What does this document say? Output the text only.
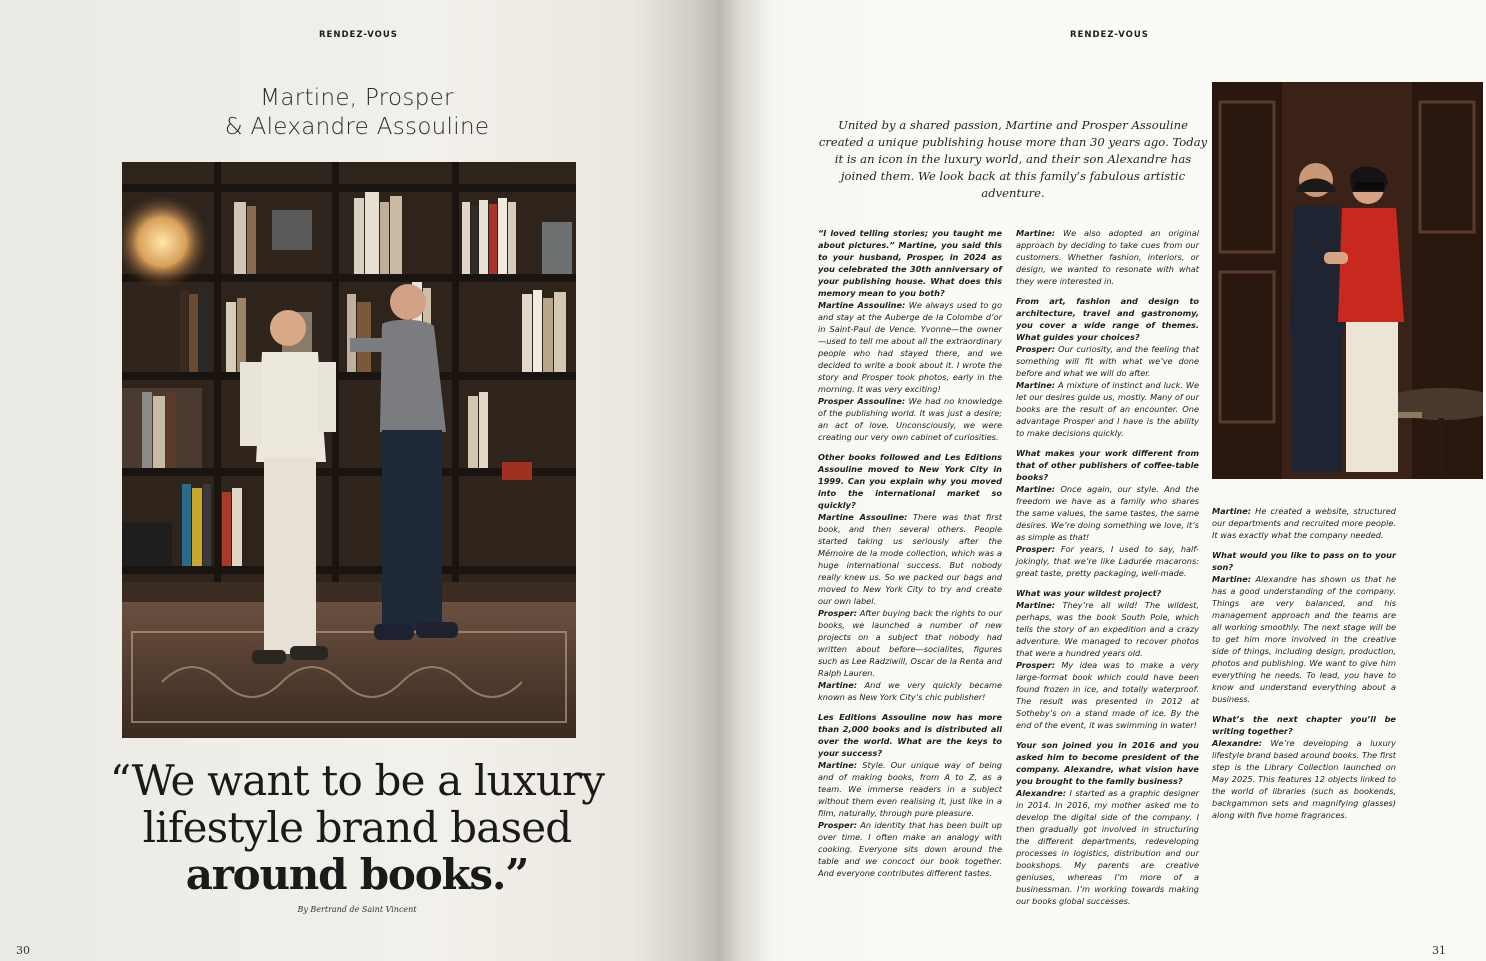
RENDEZ-VOUS
Martine, Prosper
& Alexandre Assouline
“We want to be a luxury
lifestyle brand based
around books.”
By Bertrand de Saint Vincent
30
RENDEZ-VOUS
United by a shared passion, Martine and Prosper Assouline created a unique publishing house more than 30 years ago. Today it is an icon in the luxury world, and their son Alexandre has joined them. We look back at this family’s fabulous artistic adventure.

“I loved telling stories; you taught me about pictures.” Martine, you said this to your husband, Prosper, in 2024 as you celebrated the 30th anniversary of your publishing house. What does this memory mean to you both?

Martine Assouline: We always used to go and stay at the Auberge de la Colombe d’or in Saint-Paul de Vence. Yvonne—the owner—used to tell me about all the extraordinary people who had stayed there, and we decided to write a book about it. I wrote the story and Prosper took photos, early in the morning. It was very exciting!

Prosper Assouline: We had no knowledge of the publishing world. It was just a desire; an act of love. Unconsciously, we were creating our very own cabinet of curiosities.

Other books followed and Les Editions Assouline moved to New York City in 1999. Can you explain why you moved into the international market so quickly?

Martine Assouline: There was that first book, and then several others. People started taking us seriously after the Mémoire de la mode collection, which was a huge international success. But nobody really knew us. So we packed our bags and moved to New York City to try and create our own label.

Prosper: After buying back the rights to our books, we launched a number of new projects on a subject that nobody had written about before—socialites, figures such as Lee Radziwill, Oscar de la Renta and Ralph Lauren.

Martine: And we very quickly became known as New York City’s chic publisher!

Les Editions Assouline now has more than 2,000 books and is distributed all over the world. What are the keys to your success?

Martine: Style. Our unique way of being and of making books, from A to Z, as a team. We immerse readers in a subject without them even realising it, just like in a film, naturally, through pure pleasure.

Prosper: An identity that has been built up over time. I often make an analogy with cooking. Everyone sits down around the table and we concoct our book together. And everyone contributes different tastes.

Martine: We also adopted an original approach by deciding to take cues from our customers. Whether fashion, interiors, or design, we wanted to resonate with what they were interested in.

From art, fashion and design to architecture, travel and gastronomy, you cover a wide range of themes. What guides your choices?

Prosper: Our curiosity, and the feeling that something will fit with what we’ve done before and what we will do after.

Martine: A mixture of instinct and luck. We let our desires guide us, mostly. Many of our books are the result of an encounter. One advantage Prosper and I have is the ability to make decisions quickly.

What makes your work different from that of other publishers of coffee-table books?

Martine: Once again, our style. And the freedom we have as a family who shares the same values, the same tastes, the same desires. We’re doing something we love, it’s as simple as that!

Prosper: For years, I used to say, half-jokingly, that we’re like Ladurée macarons: great taste, pretty packaging, well-made.

What was your wildest project?

Martine: They’re all wild! The wildest, perhaps, was the book South Pole, which tells the story of an expedition and a crazy adventure. We managed to recover photos that were a hundred years old.

Prosper: My idea was to make a very large-format book which could have been found frozen in ice, and totally waterproof. The result was presented in 2012 at Sotheby’s on a stand made of ice. By the end of the event, it was swimming in water!

Your son joined you in 2016 and you asked him to become president of the company. Alexandre, what vision have you brought to the family business?

Alexandre: I started as a graphic designer in 2014. In 2016, my mother asked me to develop the digital side of the company. I then gradually got involved in structuring the different departments, redeveloping processes in logistics, distribution and our bookshops. My parents are creative geniuses, whereas I’m more of a businessman. I’m working towards making our books global successes.

Martine: He created a website, structured our departments and recruited more people. It was exactly what the company needed.

What would you like to pass on to your son?

Martine: Alexandre has shown us that he has a good understanding of the company. Things are very balanced, and his management approach and the teams are all working smoothly. The next stage will be to get him more involved in the creative side of things, including design, production, photos and publishing. We want to give him everything he needs. To lead, you have to know and understand everything about a business.

What’s the next chapter you’ll be writing together?

Alexandre: We’re developing a luxury lifestyle brand based around books. The first step is the Library Collection launched on May 2025. This features 12 objects linked to the world of libraries (such as bookends, backgammon sets and magnifying glasses) along with five home fragrances.

31
